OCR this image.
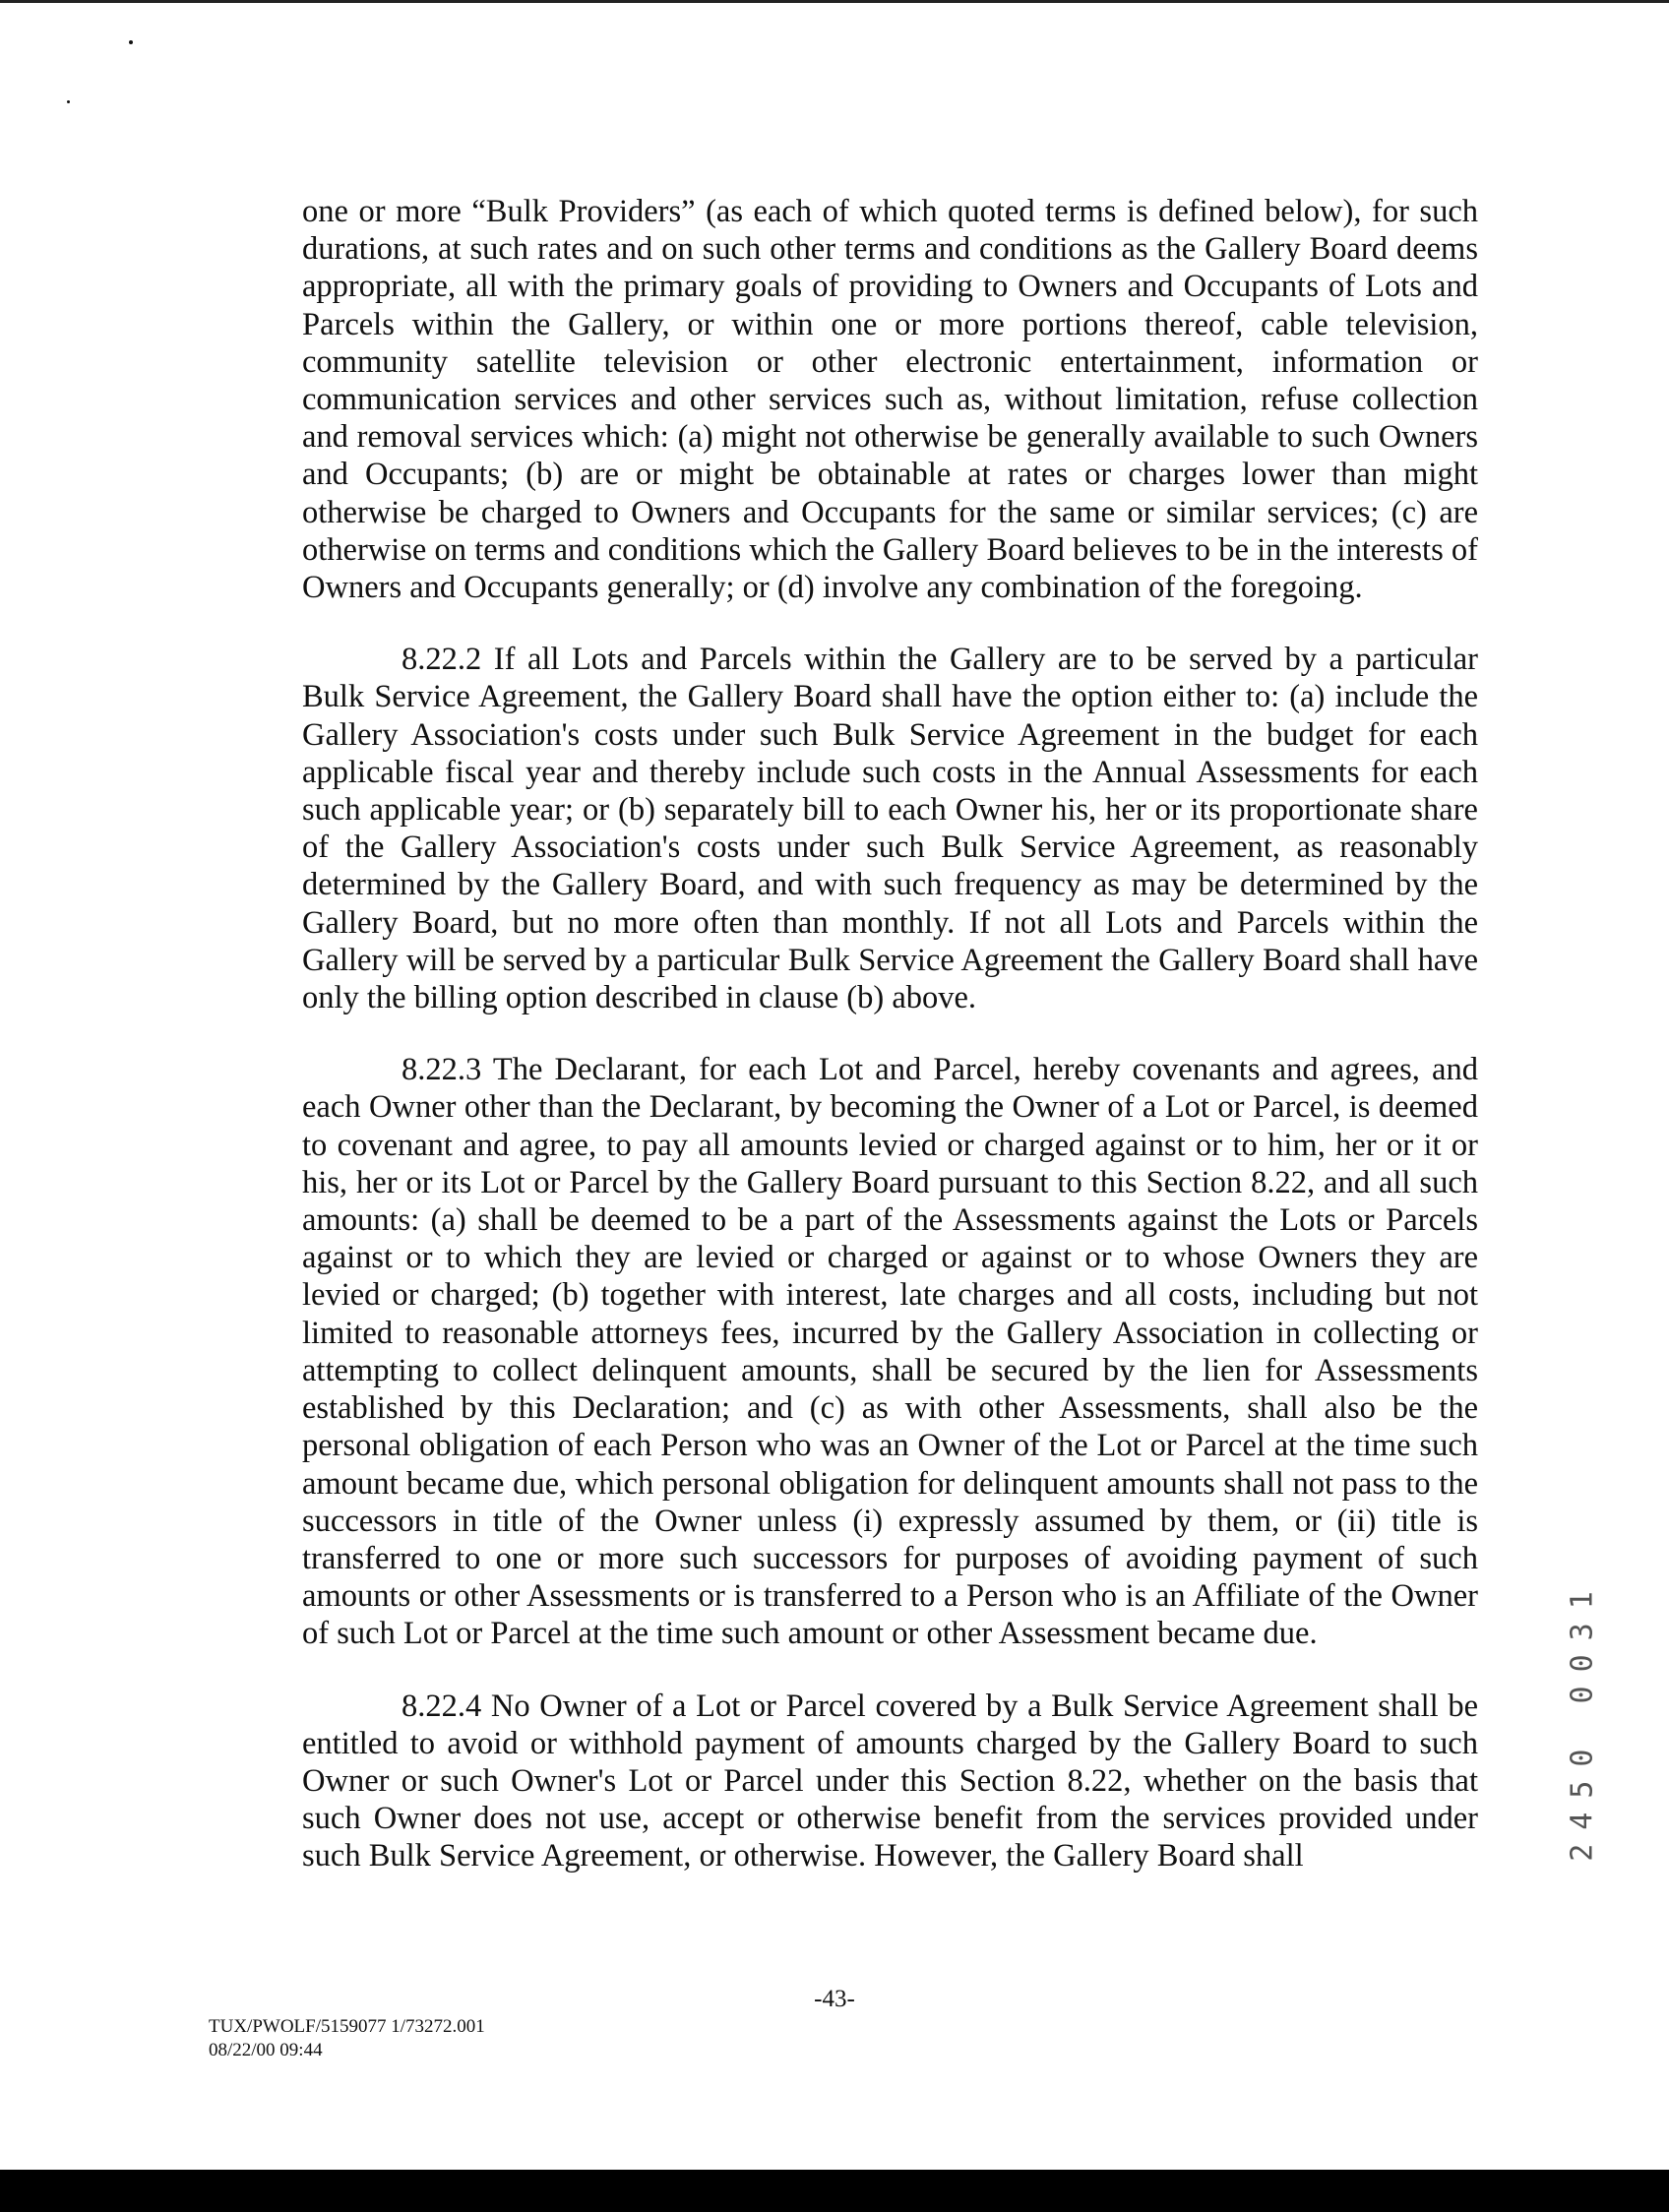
one or more “Bulk Providers” (as each of which quoted terms is defined below), for such durations, at such rates and on such other terms and conditions as the Gallery Board deems appropriate, all with the primary goals of providing to Owners and Occupants of Lots and Parcels within the Gallery, or within one or more portions thereof, cable television, community satellite television or other electronic entertainment, information or communication services and other services such as, without limitation, refuse collection and removal services which: (a) might not otherwise be generally available to such Owners and Occupants; (b) are or might be obtainable at rates or charges lower than might otherwise be charged to Owners and Occupants for the same or similar services; (c) are otherwise on terms and conditions which the Gallery Board believes to be in the interests of Owners and Occupants generally; or (d) involve any combination of the foregoing.

8.22.2 If all Lots and Parcels within the Gallery are to be served by a particular Bulk Service Agreement, the Gallery Board shall have the option either to: (a) include the Gallery Association's costs under such Bulk Service Agreement in the budget for each applicable fiscal year and thereby include such costs in the Annual Assessments for each such applicable year; or (b) separately bill to each Owner his, her or its proportionate share of the Gallery Association's costs under such Bulk Service Agreement, as reasonably determined by the Gallery Board, and with such frequency as may be determined by the Gallery Board, but no more often than monthly. If not all Lots and Parcels within the Gallery will be served by a particular Bulk Service Agreement the Gallery Board shall have only the billing option described in clause (b) above.

8.22.3 The Declarant, for each Lot and Parcel, hereby covenants and agrees, and each Owner other than the Declarant, by becoming the Owner of a Lot or Parcel, is deemed to covenant and agree, to pay all amounts levied or charged against or to him, her or it or his, her or its Lot or Parcel by the Gallery Board pursuant to this Section 8.22, and all such amounts: (a) shall be deemed to be a part of the Assessments against the Lots or Parcels against or to which they are levied or charged or against or to whose Owners they are levied or charged; (b) together with interest, late charges and all costs, including but not limited to reasonable attorneys fees, incurred by the Gallery Association in collecting or attempting to collect delinquent amounts, shall be secured by the lien for Assessments established by this Declaration; and (c) as with other Assessments, shall also be the personal obligation of each Person who was an Owner of the Lot or Parcel at the time such amount became due, which personal obligation for delinquent amounts shall not pass to the successors in title of the Owner unless (i) expressly assumed by them, or (ii) title is transferred to one or more such successors for purposes of avoiding payment of such amounts or other Assessments or is transferred to a Person who is an Affiliate of the Owner of such Lot or Parcel at the time such amount or other Assessment became due.

8.22.4 No Owner of a Lot or Parcel covered by a Bulk Service Agreement shall be entitled to avoid or withhold payment of amounts charged by the Gallery Board to such Owner or such Owner's Lot or Parcel under this Section 8.22, whether on the basis that such Owner does not use, accept or otherwise benefit from the services provided under such Bulk Service Agreement, or otherwise. However, the Gallery Board shall

-43-
TUX/PWOLF/5159077 1/73272.001
08/22/00 09:44
2450 0031
